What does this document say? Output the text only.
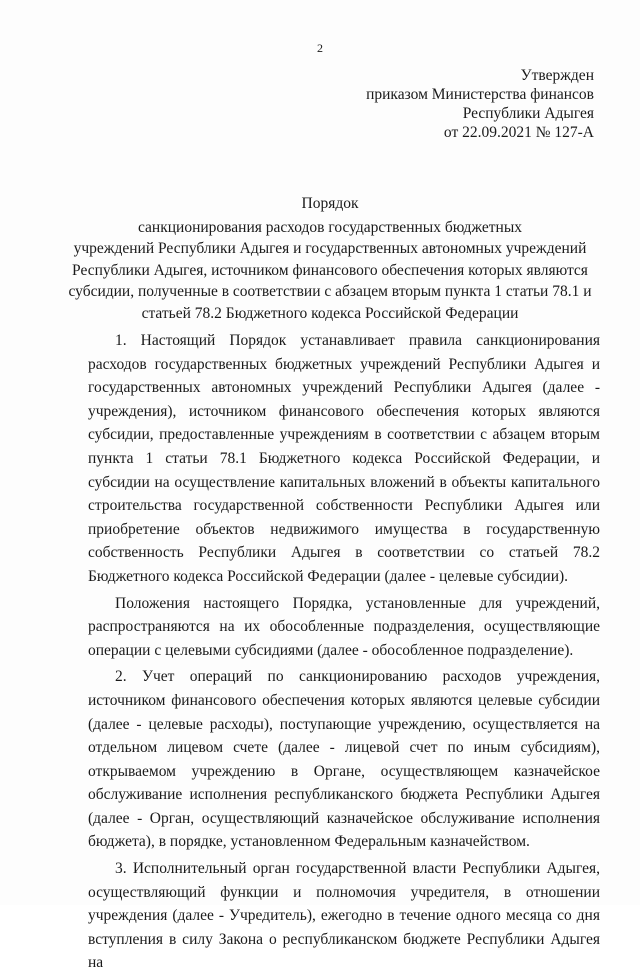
2
Утвержден
приказом Министерства финансов
Республики Адыгея
от 22.09.2021 № 127-А
Порядок
санкционирования расходов государственных бюджетных
учреждений Республики Адыгея и государственных автономных учреждений
Республики Адыгея, источником финансового обеспечения которых являются
субсидии, полученные в соответствии с абзацем вторым пункта 1 статьи 78.1 и
статьей 78.2 Бюджетного кодекса Российской Федерации

1. Настоящий Порядок устанавливает правила санкционирования расходов государственных бюджетных учреждений Республики Адыгея и государственных автономных учреждений Республики Адыгея (далее - учреждения), источником финансового обеспечения которых являются субсидии, предоставленные учреждениям в соответствии с абзацем вторым пункта 1 статьи 78.1 Бюджетного кодекса Российской Федерации, и субсидии на осуществление капитальных вложений в объекты капитального строительства государственной собственности Республики Адыгея или приобретение объектов недвижимого имущества в государственную собственность Республики Адыгея в соответствии со статьей 78.2 Бюджетного кодекса Российской Федерации (далее - целевые субсидии).

Положения настоящего Порядка, установленные для учреждений, распространяются на их обособленные подразделения, осуществляющие операции с целевыми субсидиями (далее - обособленное подразделение).

2. Учет операций по санкционированию расходов учреждения, источником финансового обеспечения которых являются целевые субсидии (далее - целевые расходы), поступающие учреждению, осуществляется на отдельном лицевом счете (далее - лицевой счет по иным субсидиям), открываемом учреждению в Органе, осуществляющем казначейское обслуживание исполнения республиканского бюджета Республики Адыгея (далее - Орган, осуществляющий казначейское обслуживание исполнения бюджета), в порядке, установленном Федеральным казначейством.

3. Исполнительный орган государственной власти Республики Адыгея, осуществляющий функции и полномочия учредителя, в отношении учреждения (далее - Учредитель), ежегодно в течение одного месяца со дня вступления в силу Закона о республиканском бюджете Республики Адыгея на
